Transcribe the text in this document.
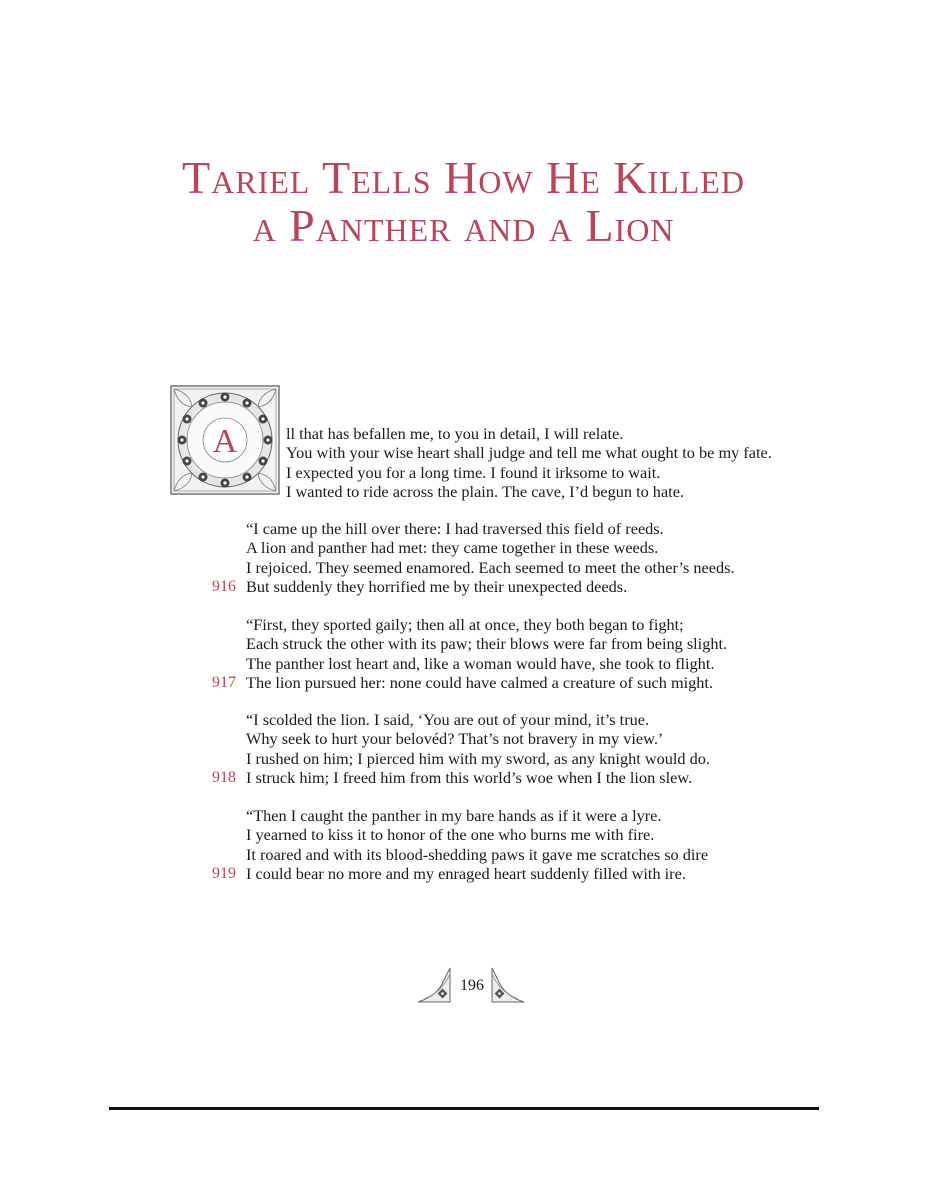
Tariel Tells How He Killed
a Panther and a Lion
A	ll that has befallen me, to you in detail, I will relate.
You with your wise heart shall judge and tell me what ought to be my fate.
I expected you for a long time. I found it irksome to wait.
I wanted to ride across the plain. The cave, I’d begun to hate.
“I came up the hill over there: I had traversed this field of reeds.
A lion and panther had met: they came together in these weeds.
I rejoiced. They seemed enamored. Each seemed to meet the other’s needs.
916 But suddenly they horrified me by their unexpected deeds.
“First, they sported gaily; then all at once, they both began to fight;
Each struck the other with its paw; their blows were far from being slight.
The panther lost heart and, like a woman would have, she took to flight.
917 The lion pursued her: none could have calmed a creature of such might.
“I scolded the lion. I said, ‘You are out of your mind, it’s true.
Why seek to hurt your belovéd? That’s not bravery in my view.’
I rushed on him; I pierced him with my sword, as any knight would do.
918 I struck him; I freed him from this world’s woe when I the lion slew.
“Then I caught the panther in my bare hands as if it were a lyre.
I yearned to kiss it to honor of the one who burns me with fire.
It roared and with its blood-shedding paws it gave me scratches so dire
919 I could bear no more and my enraged heart suddenly filled with ire.
196
